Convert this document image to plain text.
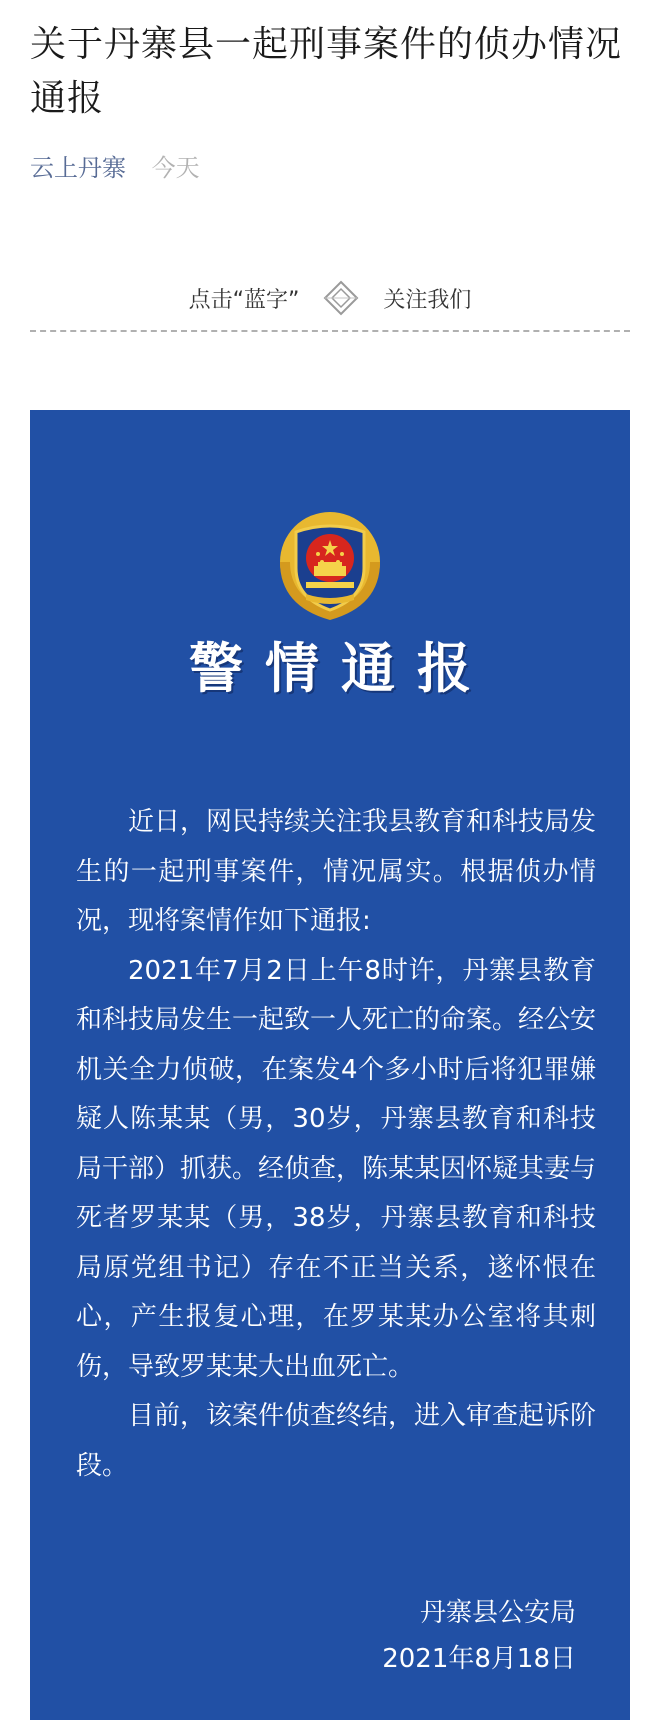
关于丹寨县一起刑事案件的侦办情况通报
云上丹寨 今天
点击“蓝字”	关注我们
警情通报

近日，网民持续关注我县教育和科技局发生的一起刑事案件，情况属实。根据侦办情况，现将案情作如下通报:

2021年7月2日上午8时许，丹寨县教育和科技局发生一起致一人死亡的命案。经公安机关全力侦破，在案发4个多小时后将犯罪嫌疑人陈某某（男，30岁，丹寨县教育和科技局干部）抓获。经侦查，陈某某因怀疑其妻与死者罗某某（男，38岁，丹寨县教育和科技局原党组书记）存在不正当关系，遂怀恨在心，产生报复心理，在罗某某办公室将其刺伤，导致罗某某大出血死亡。

目前，该案件侦查终结，进入审查起诉阶段。

丹寨县公安局
2021年8月18日
